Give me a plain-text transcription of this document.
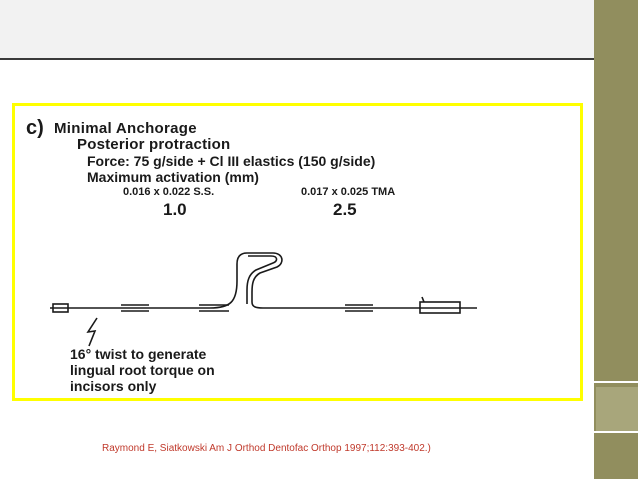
c) Minimal Anchorage
Posterior protraction
Force: 75 g/side + Cl III elastics (150 g/side)
Maximum activation (mm)
0.016 x 0.022 S.S.	0.017 x 0.025 TMA
1.0	2.5
16° twist to generate
lingual root torque on
incisors only
Raymond E, Siatkowski Am J Orthod Dentofac Orthop 1997;112:393-402.)
